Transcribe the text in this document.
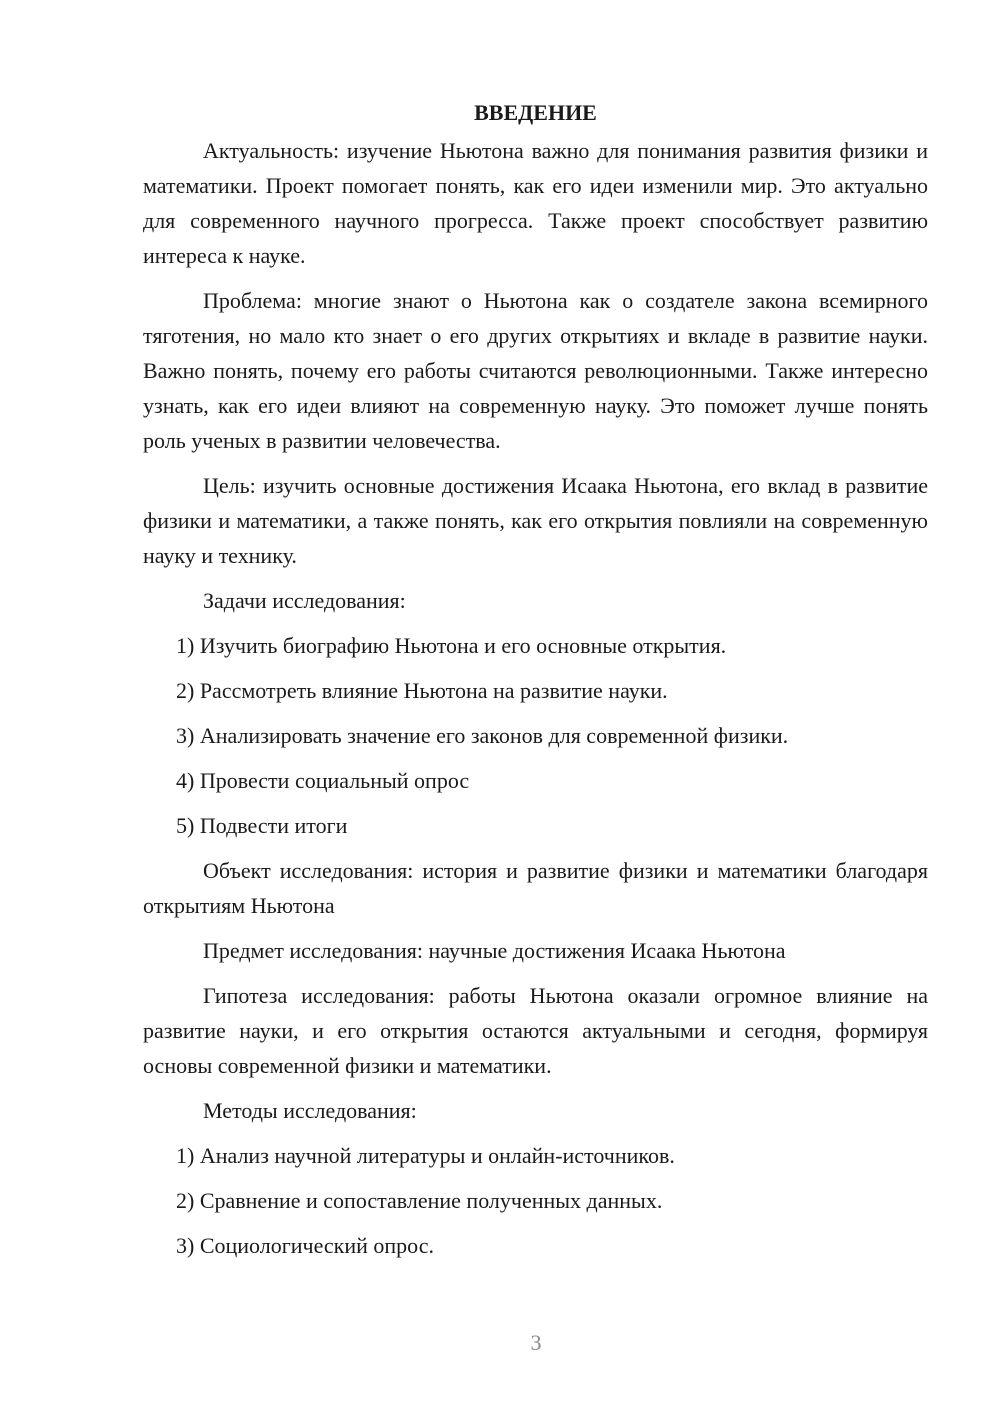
ВВЕДЕНИЕ

Актуальность: изучение Ньютона важно для понимания развития физики и математики. Проект помогает понять, как его идеи изменили мир. Это актуально для современного научного прогресса. Также проект способствует развитию интереса к науке.

Проблема: многие знают о Ньютона как о создателе закона всемирного тяготения, но мало кто знает о его других открытиях и вкладе в развитие науки. Важно понять, почему его работы считаются революционными. Также интересно узнать, как его идеи влияют на современную науку. Это поможет лучше понять роль ученых в развитии человечества.

Цель: изучить основные достижения Исаака Ньютона, его вклад в развитие физики и математики, а также понять, как его открытия повлияли на современную науку и технику.

Задачи исследования:

1) Изучить биографию Ньютона и его основные открытия.
2) Рассмотреть влияние Ньютона на развитие науки.
3) Анализировать значение его законов для современной физики.
4) Провести социальный опрос
5) Подвести итоги

Объект исследования: история и развитие физики и математики благодаря открытиям Ньютона

Предмет исследования: научные достижения Исаака Ньютона

Гипотеза исследования: работы Ньютона оказали огромное влияние на развитие науки, и его открытия остаются актуальными и сегодня, формируя основы современной физики и математики.

Методы исследования:

1) Анализ научной литературы и онлайн-источников.
2) Сравнение и сопоставление полученных данных.
3) Социологический опрос.
3
